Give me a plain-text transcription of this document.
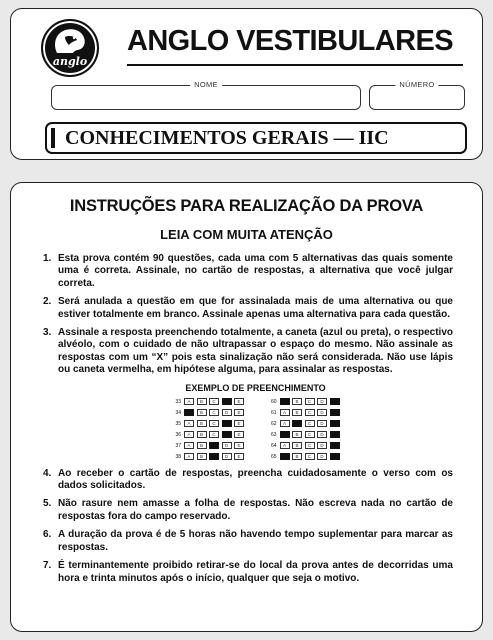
anglo
ANGLO VESTIBULARES
NOME	NÚMERO
CONHECIMENTOS GERAIS — IIC
INSTRUÇÕES PARA REALIZAÇÃO DA PROVA
LEIA COM MUITA ATENÇÃO
1. Esta prova contém 90 questões, cada uma com 5 alternativas das quais somente uma é correta. Assinale, no cartão de respostas, a alternativa que você julgar correta.
2. Será anulada a questão em que for assinalada mais de uma alternativa ou que estiver totalmente em branco. Assinale apenas uma alternativa para cada questão.
3. Assinale a resposta preenchendo totalmente, a caneta (azul ou preta), o respectivo alvéolo, com o cuidado de não ultrapassar o espaço do mesmo. Não assinale as respostas com um “X” pois esta sinalização não será considerada. Não use lápis ou caneta vermelha, em hipótese alguma, para assinalar as respostas.
EXEMPLO DE PREENCHIMENTO
33	A	B	C	D	E
34	A	B	C	D	E
35	A	B	C	D	E
36	A	B	C	D	E
37	A	B	C	D	E
38	A	B	C	D	E
60	A	B	C	D	E
61	A	B	C	D	E
62	A	B	C	D	E
63	A	B	C	D	E
64	A	B	C	D	E
65	A	B	C	D	E
4. Ao receber o cartão de respostas, preencha cuidadosamente o verso com os dados solicitados.
5. Não rasure nem amasse a folha de respostas. Não escreva nada no cartão de respostas fora do campo reservado.
6. A duração da prova é de 5 horas não havendo tempo suplementar para marcar as respostas.
7. É terminantemente proibido retirar-se do local da prova antes de decorridas uma hora e trinta minutos após o início, qualquer que seja o motivo.
